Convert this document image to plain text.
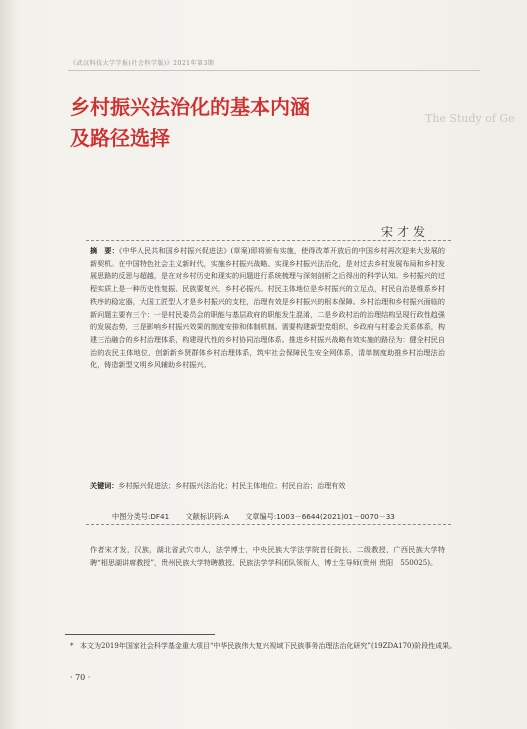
《武汉科技大学学报(社会科学版)》2021年第3期
乡村振兴法治化的基本内涵
及路径选择
The Study of Ge
宋才发
摘　要：《中华人民共和国乡村振兴促进法》(草案)即将颁布实施，使得改革开放后的中国乡村再次迎来大发展的新契机。在中国特色社会主义新时代，实施乡村振兴战略、实现乡村振兴法治化，是对过去乡村发展布局和乡村发展思路的反思与超越，是在对乡村历史和现实的问题进行系统梳理与深刻剖析之后得出的科学认知。乡村振兴的过程实质上是一种历史性复振、民族要复兴，乡村必振兴。村民主体地位是乡村振兴的立足点，村民自治是维系乡村秩序的稳定器，大国工匠型人才是乡村振兴的支柱，治理有效是乡村振兴的根本保障。乡村治理和乡村振兴面临的新问题主要有三个：一是村民委员会的职能与基层政府的职能发生混淆，二是乡政村治的治理结构呈现行政性趋强的发展态势，三是影响乡村振兴效果的制度安排和体制机制。需要构建新型党组织、乡政府与村委会关系体系，构建三治融合的乡村治理体系，构建现代性的乡村协同治理体系。推进乡村振兴战略有效实施的路径为：健全村民自治的农民主体地位，创新新乡贤群体乡村治理体系，筑牢社会保障民生安全网体系，清单制度助推乡村治理法治化，铸造新型文明乡风辅助乡村振兴。
关键词：乡村振兴促进法；乡村振兴法治化；村民主体地位；村民自治；治理有效
中图分类号:DF41 文献标识码:A 文章编号:1003－6644(2021)01－0070－33
作者宋才发，汉族，湖北省武穴市人，法学博士，中央民族大学法学院首任院长、二级教授，广西民族大学特聘“相思湖讲席教授”，贵州民族大学特聘教授、民族法学学科团队领衔人，博士生导师(贵州 贵阳　550025)。
* 本文为2019年国家社会科学基金重大项目“中华民族伟大复兴视域下民族事务治理法治化研究”(19ZDA170)阶段性成果。
· 70 ·
